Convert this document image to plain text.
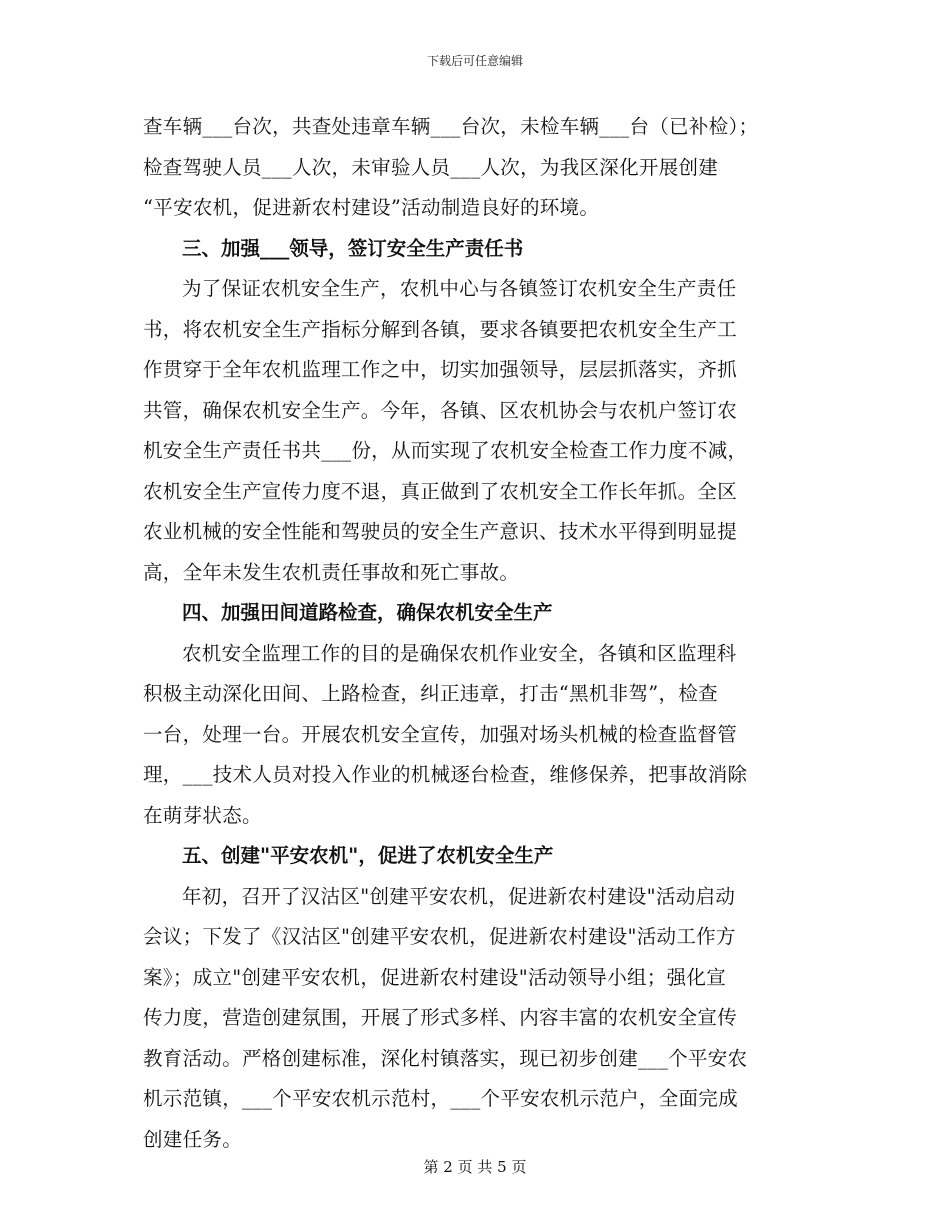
下载后可任意编辑

查车辆___台次，共查处违章车辆___台次，未检车辆___台（已补检）；
检查驾驶人员___人次，未审验人员___人次，为我区深化开展创建
“平安农机，促进新农村建设”活动制造良好的环境。

三、加强___领导，签订安全生产责任书

为了保证农机安全生产，农机中心与各镇签订农机安全生产责任
书，将农机安全生产指标分解到各镇，要求各镇要把农机安全生产工
作贯穿于全年农机监理工作之中，切实加强领导，层层抓落实，齐抓
共管，确保农机安全生产。今年，各镇、区农机协会与农机户签订农
机安全生产责任书共___份，从而实现了农机安全检查工作力度不减，
农机安全生产宣传力度不退，真正做到了农机安全工作长年抓。全区
农业机械的安全性能和驾驶员的安全生产意识、技术水平得到明显提
高，全年未发生农机责任事故和死亡事故。

四、加强田间道路检查，确保农机安全生产

农机安全监理工作的目的是确保农机作业安全，各镇和区监理科
积极主动深化田间、上路检查，纠正违章，打击“黑机非驾”，检查
一台，处理一台。开展农机安全宣传，加强对场头机械的检查监督管
理，___技术人员对投入作业的机械逐台检查，维修保养，把事故消除
在萌芽状态。

五、创建"平安农机"，促进了农机安全生产

年初，召开了汉沽区"创建平安农机，促进新农村建设"活动启动
会议；下发了《汉沽区"创建平安农机，促进新农村建设"活动工作方
案》；成立"创建平安农机，促进新农村建设"活动领导小组；强化宣
传力度，营造创建氛围，开展了形式多样、内容丰富的农机安全宣传
教育活动。严格创建标准，深化村镇落实，现已初步创建___个平安农
机示范镇，___个平安农机示范村，___个平安农机示范户，全面完成
创建任务。

第 2 页 共 5 页
